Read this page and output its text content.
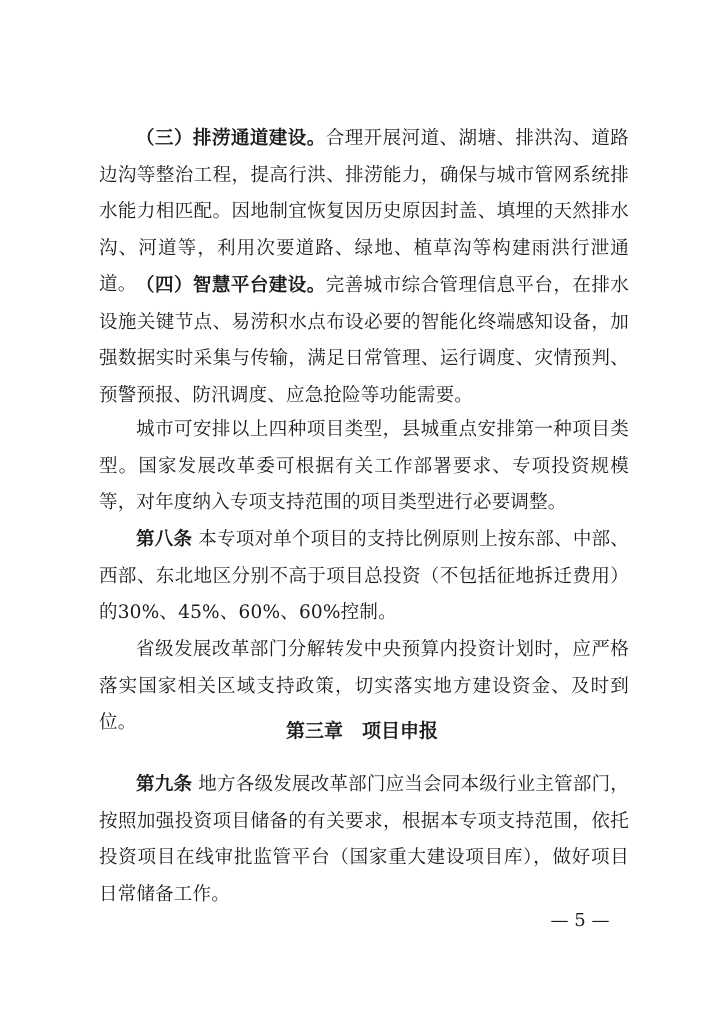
（三）排涝通道建设。合理开展河道、湖塘、排洪沟、道路边沟等整治工程，提高行洪、排涝能力，确保与城市管网系统排水能力相匹配。因地制宜恢复因历史原因封盖、填埋的天然排水沟、河道等，利用次要道路、绿地、植草沟等构建雨洪行泄通道。 （四）智慧平台建设。完善城市综合管理信息平台，在排水设施关键节点、易涝积水点布设必要的智能化终端感知设备，加强数据实时采集与传输，满足日常管理、运行调度、灾情预判、预警预报、防汛调度、应急抢险等功能需要。

城市可安排以上四种项目类型，县城重点安排第一种项目类型。国家发展改革委可根据有关工作部署要求、专项投资规模等，对年度纳入专项支持范围的项目类型进行必要调整。

第八条 本专项对单个项目的支持比例原则上按东部、中部、西部、东北地区分别不高于项目总投资（不包括征地拆迁费用）的30%、45%、60%、60%控制。

省级发展改革部门分解转发中央预算内投资计划时，应严格落实国家相关区域支持政策，切实落实地方建设资金、及时到位。	第三章　项目申报

第九条 地方各级发展改革部门应当会同本级行业主管部门，按照加强投资项目储备的有关要求，根据本专项支持范围，依托投资项目在线审批监管平台（国家重大建设项目库），做好项目日常储备工作。

— 5 —
